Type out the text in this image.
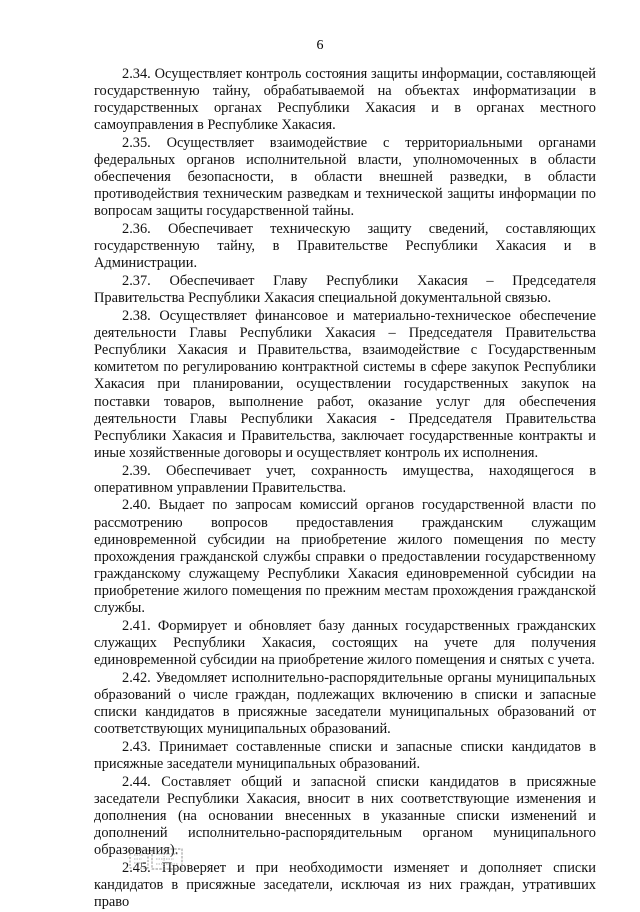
6

2.34. Осуществляет контроль состояния защиты информации, составляющей государственную тайну, обрабатываемой на объектах информатизации в государственных органах Республики Хакасия и в органах местного самоуправления в Республике Хакасия.

2.35. Осуществляет взаимодействие с территориальными органами федеральных органов исполнительной власти, уполномоченных в области обеспечения безопасности, в области внешней разведки, в области противодействия техническим разведкам и технической защиты информации по вопросам защиты государственной тайны.

2.36. Обеспечивает техническую защиту сведений, составляющих государственную тайну, в Правительстве Республики Хакасия и в Администрации.

2.37. Обеспечивает Главу Республики Хакасия – Председателя Правительства Республики Хакасия специальной документальной связью.

2.38. Осуществляет финансовое и материально-техническое обеспечение деятельности Главы Республики Хакасия – Председателя Правительства Республики Хакасия и Правительства, взаимодействие с Государственным комитетом по регулированию контрактной системы в сфере закупок Республики Хакасия при планировании, осуществлении государственных закупок на поставки товаров, выполнение работ, оказание услуг для обеспечения деятельности Главы Республики Хакасия - Председателя Правительства Республики Хакасия и Правительства, заключает государственные контракты и иные хозяйственные договоры и осуществляет контроль их исполнения.

2.39. Обеспечивает учет, сохранность имущества, находящегося в оперативном управлении Правительства.

2.40. Выдает по запросам комиссий органов государственной власти по рассмотрению вопросов предоставления гражданским служащим единовременной субсидии на приобретение жилого помещения по месту прохождения гражданской службы справки о предоставлении государственному гражданскому служащему Республики Хакасия единовременной субсидии на приобретение жилого помещения по прежним местам прохождения гражданской службы.

2.41. Формирует и обновляет базу данных государственных гражданских служащих Республики Хакасия, состоящих на учете для получения единовременной субсидии на приобретение жилого помещения и снятых с учета.

2.42. Уведомляет исполнительно-распорядительные органы муниципальных образований о числе граждан, подлежащих включению в списки и запасные списки кандидатов в присяжные заседатели муниципальных образований от соответствующих муниципальных образований.

2.43. Принимает составленные списки и запасные списки кандидатов в присяжные заседатели муниципальных образований.

2.44. Составляет общий и запасной списки кандидатов в присяжные заседатели Республики Хакасия, вносит в них соответствующие изменения и дополнения (на основании внесенных в указанные списки изменений и дополнений исполнительно-распорядительным органом муниципального образования).

2.45. Проверяет и при необходимости изменяет и дополняет списки кандидатов в присяжные заседатели, исключая из них граждан, утративших право
